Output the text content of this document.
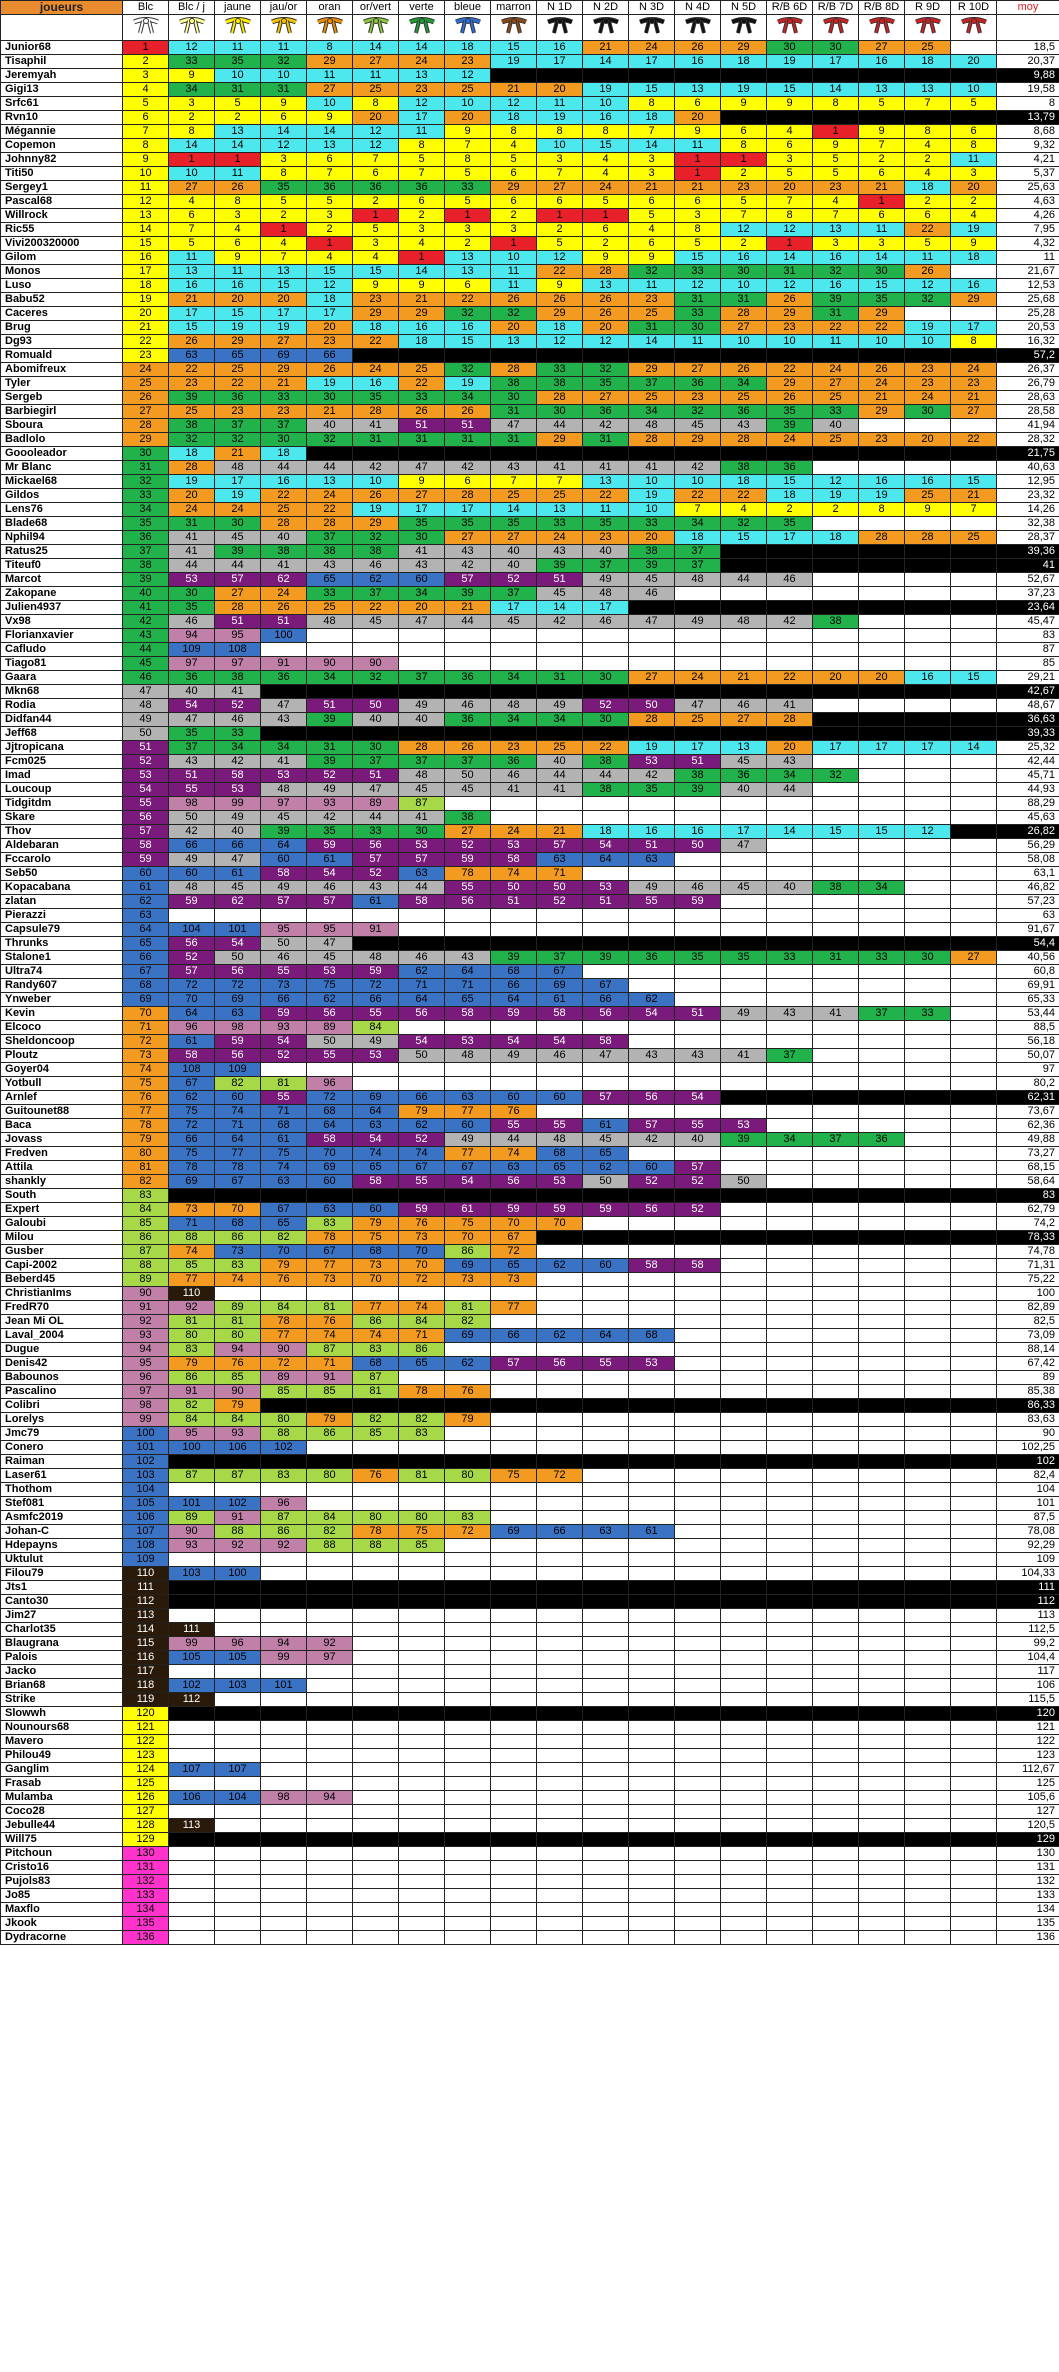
joueurs	Blc	Blc / j	jaune	jau/or	oran	or/vert	verte	bleue	marron	N 1D	N 2D	N 3D	N 4D	N 5D	R/B 6D	R/B 7D	R/B 8D	R 9D	R 10D	moy

Junior68	1	12	11	11	8	14	14	18	15	16	21	24	26	29	30	30	27	25		18,5
Tisaphil	2	33	35	32	29	27	24	23	19	17	14	17	16	18	19	17	16	18	20	20,37
Jeremyah	3	9	10	10	11	11	13	12												9,88
Gigi13	4	34	31	31	27	25	23	25	21	20	19	15	13	19	15	14	13	13	10	19,58
Srfc61	5	3	5	9	10	8	12	10	12	11	10	8	6	9	9	8	5	7	5	8
Rvn10	6	2	2	6	9	20	17	20	18	19	16	18	20							13,79
Mégannie	7	8	13	14	14	12	11	9	8	8	8	7	9	6	4	1	9	8	6	8,68
Copemon	8	14	14	12	13	12	8	7	4	10	15	14	11	8	6	9	7	4	8	9,32
Johnny82	9	1	1	3	6	7	5	8	5	3	4	3	1	1	3	5	2	2	11	4,21
Titi50	10	10	11	8	7	6	7	5	6	7	4	3	1	2	5	5	6	4	3	5,37
Sergey1	11	27	26	35	36	36	36	33	29	27	24	21	21	23	20	23	21	18	20	25,63
Pascal68	12	4	8	5	5	2	6	5	6	6	5	6	6	5	7	4	1	2	2	4,63
Willrock	13	6	3	2	3	1	2	1	2	1	1	5	3	7	8	7	6	6	4	4,26
Ric55	14	7	4	1	2	5	3	3	3	2	6	4	8	12	12	13	11	22	19	7,95
Vivi200320000	15	5	6	4	1	3	4	2	1	5	2	6	5	2	1	3	3	5	9	4,32
Gilom	16	11	9	7	4	4	1	13	10	12	9	9	15	16	14	16	14	11	18	11
Monos	17	13	11	13	15	15	14	13	11	22	28	32	33	30	31	32	30	26		21,67
Luso	18	16	16	15	12	9	9	6	11	9	13	11	12	10	12	16	15	12	16	12,53
Babu52	19	21	20	20	18	23	21	22	26	26	26	23	31	31	26	39	35	32	29	25,68
Caceres	20	17	15	17	17	29	29	32	32	29	26	25	33	28	29	31	29			25,28
Brug	21	15	19	19	20	18	16	16	20	18	20	31	30	27	23	22	22	19	17	20,53
Dg93	22	26	29	27	23	22	18	15	13	12	12	14	11	10	10	11	10	10	8	16,32
Romuald	23	63	65	69	66															57,2
Abomifreux	24	22	25	29	26	24	25	32	28	33	32	29	27	26	22	24	26	23	24	26,37
Tyler	25	23	22	21	19	16	22	19	38	38	35	37	36	34	29	27	24	23	23	26,79
Sergeb	26	39	36	33	30	35	33	34	30	28	27	25	23	25	26	25	21	24	21	28,63
Barbiegirl	27	25	23	23	21	28	26	26	31	30	36	34	32	36	35	33	29	30	27	28,58
Sboura	28	38	37	37	40	41	51	51	47	44	42	48	45	43	39	40				41,94
Badlolo	29	32	32	30	32	31	31	31	31	29	31	28	29	28	24	25	23	20	22	28,32
Goooleador	30	18	21	18																21,75
Mr Blanc	31	28	48	44	44	42	47	42	43	41	41	41	42	38	36					40,63
Mickael68	32	19	17	16	13	10	9	6	7	7	13	10	10	18	15	12	16	16	15	12,95
Gildos	33	20	19	22	24	26	27	28	25	25	22	19	22	22	18	19	19	25	21	23,32
Lens76	34	24	24	25	22	19	17	17	14	13	11	10	7	4	2	2	8	9	7	14,26
Blade68	35	31	30	28	28	29	35	35	35	33	35	33	34	32	35					32,38
Nphil94	36	41	45	40	37	32	30	27	27	24	23	20	18	15	17	18	28	28	25	28,37
Ratus25	37	41	39	38	38	38	41	43	40	43	40	38	37							39,36
Titeuf0	38	44	44	41	43	46	43	42	40	39	37	39	37							41
Marcot	39	53	57	62	65	62	60	57	52	51	49	45	48	44	46					52,67
Zakopane	40	30	27	24	33	37	34	39	37	45	48	46								37,23
Julien4937	41	35	28	26	25	22	20	21	17	14	17									23,64
Vx98	42	46	51	51	48	45	47	44	45	42	46	47	49	48	42	38				45,47
Florianxavier	43	94	95	100																83
Cafludo	44	109	108																	87
Tiago81	45	97	97	91	90	90														85
Gaara	46	36	38	36	34	32	37	36	34	31	30	27	24	21	22	20	20	16	15	29,21
Mkn68	47	40	41																	42,67
Rodia	48	54	52	47	51	50	49	46	48	49	52	50	47	46	41					48,67
Didfan44	49	47	46	43	39	40	40	36	34	34	30	28	25	27	28					36,63
Jeff68	50	35	33																	39,33
Jjtropicana	51	37	34	34	31	30	28	26	23	25	22	19	17	13	20	17	17	17	14	25,32
Fcm025	52	43	42	41	39	37	37	37	36	40	38	53	51	45	43					42,44
Imad	53	51	58	53	52	51	48	50	46	44	44	42	38	36	34	32				45,71
Loucoup	54	55	53	48	49	47	45	45	41	41	38	35	39	40	44					44,93
Tidgitdm	55	98	99	97	93	89	87													88,29
Skare	56	50	49	45	42	44	41	38												45,63
Thov	57	42	40	39	35	33	30	27	24	21	18	16	16	17	14	15	15	12		26,82
Aldebaran	58	66	66	64	59	56	53	52	53	57	54	51	50	47						56,29
Fccarolo	59	49	47	60	61	57	57	59	58	63	64	63								58,08
Seb50	60	60	61	58	54	52	63	78	74	71										63,1
Kopacabana	61	48	45	49	46	43	44	55	50	50	53	49	46	45	40	38	34			46,82
zlatan	62	59	62	57	57	61	58	56	51	52	51	55	59							57,23
Pierazzi	63																			63
Capsule79	64	104	101	95	95	91														91,67
Thrunks	65	56	54	50	47															54,4
Stalone1	66	52	50	46	45	48	46	43	39	37	39	36	35	35	33	31	33	30	27	40,56
Ultra74	67	57	56	55	53	59	62	64	68	67										60,8
Randy607	68	72	72	73	75	72	71	71	66	69	67									69,91
Ynweber	69	70	69	66	62	66	64	65	64	61	66	62								65,33
Kevin	70	64	63	59	56	55	56	58	59	58	56	54	51	49	43	41	37	33		53,44
Elcoco	71	96	98	93	89	84														88,5
Sheldoncoop	72	61	59	54	50	49	54	53	54	54	58									56,18
Ploutz	73	58	56	52	55	53	50	48	49	46	47	43	43	41	37					50,07
Goyer04	74	108	109																	97
Yotbull	75	67	82	81	96															80,2
Arnlef	76	62	60	55	72	69	66	63	60	60	57	56	54							62,31
Guitounet88	77	75	74	71	68	64	79	77	76											73,67
Baca	78	72	71	68	64	63	62	60	55	55	61	57	55	53						62,36
Jovass	79	66	64	61	58	54	52	49	44	48	45	42	40	39	34	37	36			49,88
Fredven	80	75	77	75	70	74	74	77	74	68	65									73,27
Attila	81	78	78	74	69	65	67	67	63	65	62	60	57							68,15
shankly	82	69	67	63	60	58	55	54	56	53	50	52	52	50						58,64
South	83																			83
Expert	84	73	70	67	63	60	59	61	59	59	59	56	52							62,79
Galoubi	85	71	68	65	83	79	76	75	70	70										74,2
Milou	86	88	86	82	78	75	73	70	67											78,33
Gusber	87	74	73	70	67	68	70	86	72											74,78
Capi-2002	88	85	83	79	77	73	70	69	65	62	60	58	58							71,31
Beberd45	89	77	74	76	73	70	72	73	73											75,22
ChristianIms	90	110																		100
FredR70	91	92	89	84	81	77	74	81	77											82,89
Jean Mi OL	92	81	81	78	76	86	84	82												82,5
Laval_2004	93	80	80	77	74	74	71	69	66	62	64	68								73,09
Dugue	94	83	94	90	87	83	86													88,14
Denis42	95	79	76	72	71	68	65	62	57	56	55	53								67,42
Babounos	96	86	85	89	91	87														89
Pascalino	97	91	90	85	85	81	78	76												85,38
Colibri	98	82	79																	86,33
Lorelys	99	84	84	80	79	82	82	79												83,63
Jmc79	100	95	93	88	86	85	83													90
Conero	101	100	106	102																102,25
Raiman	102																			102
Laser61	103	87	87	83	80	76	81	80	75	72										82,4
Thothom	104																			104
Stef081	105	101	102	96																101
Asmfc2019	106	89	91	87	84	80	80	83												87,5
Johan-C	107	90	88	86	82	78	75	72	69	66	63	61								78,08
Hdepayns	108	93	92	92	88	88	85													92,29
Uktulut	109																			109
Filou79	110	103	100																	104,33
Jts1	111																			111
Canto30	112																			112
Jim27	113																			113
Charlot35	114	111																		112,5
Blaugrana	115	99	96	94	92															99,2
Palois	116	105	105	99	97															104,4
Jacko	117																			117
Brian68	118	102	103	101																106
Strike	119	112																		115,5
Slowwh	120																			120
Nounours68	121																			121
Mavero	122																			122
Philou49	123																			123
Ganglim	124	107	107																	112,67
Frasab	125																			125
Mulamba	126	106	104	98	94															105,6
Coco28	127																			127
Jebulle44	128	113																		120,5
Will75	129																			129
Pitchoun	130																			130
Cristo16	131																			131
Pujols83	132																			132
Jo85	133																			133
Maxflo	134																			134
Jkook	135																			135
Dydracorne	136																			136
